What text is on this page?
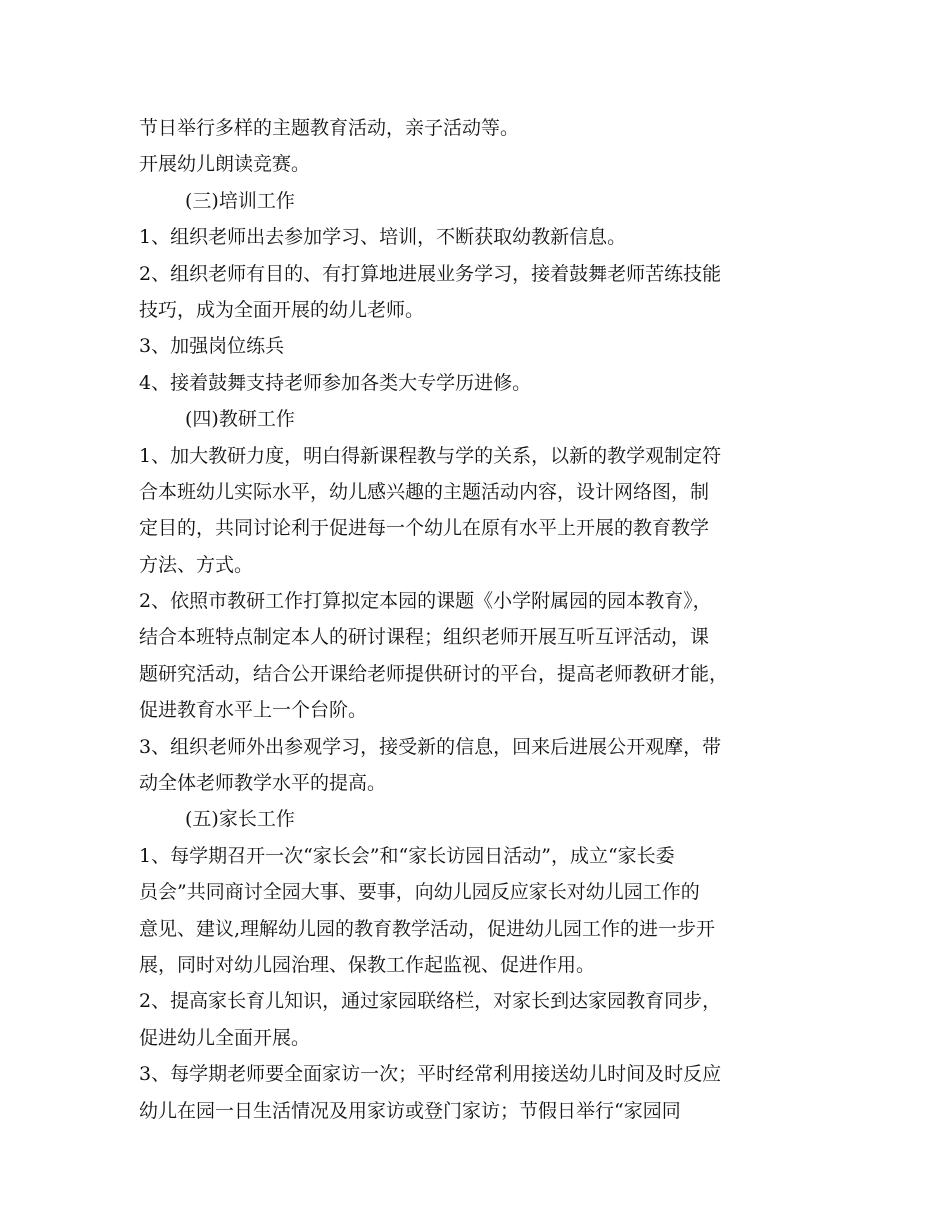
节日举行多样的主题教育活动，亲子活动等。
开展幼儿朗读竞赛。
(三)培训工作
1、组织老师出去参加学习、培训，不断获取幼教新信息。
2、组织老师有目的、有打算地进展业务学习，接着鼓舞老师苦练技能
技巧，成为全面开展的幼儿老师。
3、加强岗位练兵
4、接着鼓舞支持老师参加各类大专学历进修。
(四)教研工作
1、加大教研力度，明白得新课程教与学的关系，以新的教学观制定符
合本班幼儿实际水平，幼儿感兴趣的主题活动内容，设计网络图，制
定目的，共同讨论利于促进每一个幼儿在原有水平上开展的教育教学
方法、方式。
2、依照市教研工作打算拟定本园的课题《小学附属园的园本教育》，
结合本班特点制定本人的研讨课程；组织老师开展互听互评活动，课
题研究活动，结合公开课给老师提供研讨的平台，提高老师教研才能，
促进教育水平上一个台阶。
3、组织老师外出参观学习，接受新的信息，回来后进展公开观摩，带
动全体老师教学水平的提高。
(五)家长工作
1、每学期召开一次“家长会”和“家长访园日活动”，成立“家长委
员会”共同商讨全园大事、要事，向幼儿园反应家长对幼儿园工作的
意见、建议,理解幼儿园的教育教学活动，促进幼儿园工作的进一步开
展，同时对幼儿园治理、保教工作起监视、促进作用。
2、提高家长育儿知识，通过家园联络栏，对家长到达家园教育同步，
促进幼儿全面开展。
3、每学期老师要全面家访一次；平时经常利用接送幼儿时间及时反应
幼儿在园一日生活情况及用家访或登门家访；节假日举行“家园同
